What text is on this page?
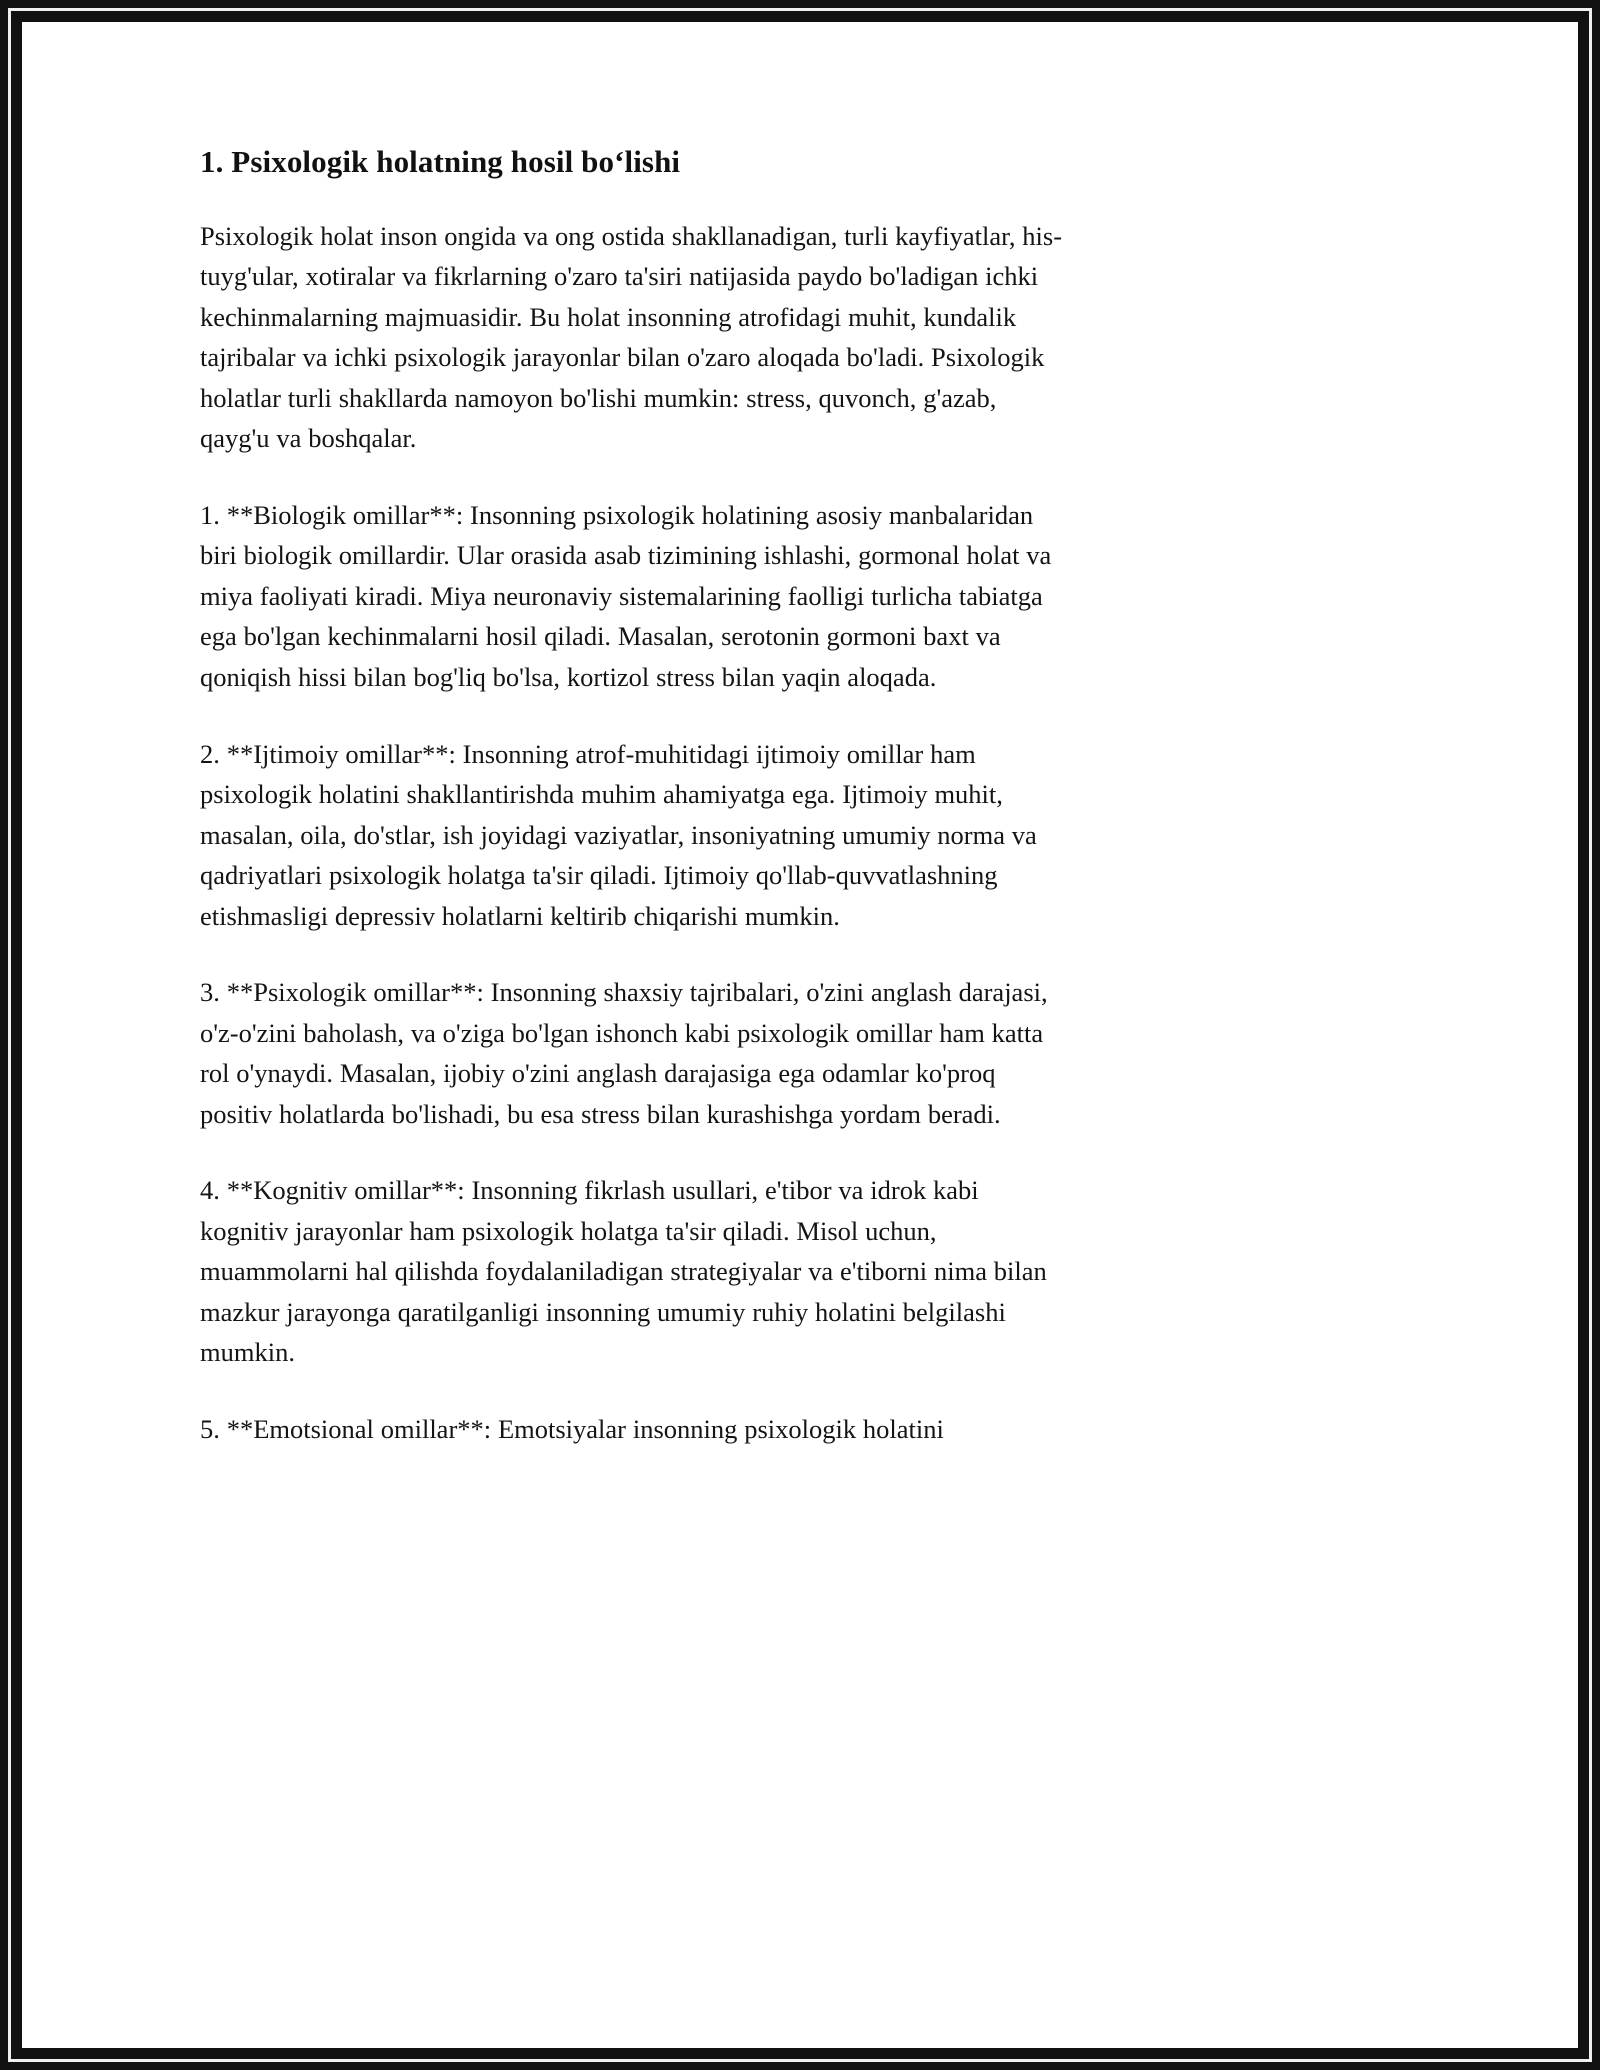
1. Psixologik holatning hosil bo‘lishi

Psixologik holat inson ongida va ong ostida shakllanadigan, turli kayfiyatlar, his-tuyg'ular, xotiralar va fikrlarning o'zaro ta'siri natijasida paydo bo'ladigan ichki kechinmalarning majmuasidir. Bu holat insonning atrofidagi muhit, kundalik tajribalar va ichki psixologik jarayonlar bilan o'zaro aloqada bo'ladi. Psixologik holatlar turli shakllarda namoyon bo'lishi mumkin: stress, quvonch, g'azab, qayg'u va boshqalar.

1. **Biologik omillar**: Insonning psixologik holatining asosiy manbalaridan biri biologik omillardir. Ular orasida asab tizimining ishlashi, gormonal holat va miya faoliyati kiradi. Miya neuronaviy sistemalarining faolligi turlicha tabiatga ega bo'lgan kechinmalarni hosil qiladi. Masalan, serotonin gormoni baxt va qoniqish hissi bilan bog'liq bo'lsa, kortizol stress bilan yaqin aloqada.

2. **Ijtimoiy omillar**: Insonning atrof-muhitidagi ijtimoiy omillar ham psixologik holatini shakllantirishda muhim ahamiyatga ega. Ijtimoiy muhit, masalan, oila, do'stlar, ish joyidagi vaziyatlar, insoniyatning umumiy norma va qadriyatlari psixologik holatga ta'sir qiladi. Ijtimoiy qo'llab-quvvatlashning etishmasligi depressiv holatlarni keltirib chiqarishi mumkin.

3. **Psixologik omillar**: Insonning shaxsiy tajribalari, o'zini anglash darajasi, o'z-o'zini baholash, va o'ziga bo'lgan ishonch kabi psixologik omillar ham katta rol o'ynaydi. Masalan, ijobiy o'zini anglash darajasiga ega odamlar ko'proq positiv holatlarda bo'lishadi, bu esa stress bilan kurashishga yordam beradi.

4. **Kognitiv omillar**: Insonning fikrlash usullari, e'tibor va idrok kabi kognitiv jarayonlar ham psixologik holatga ta'sir qiladi. Misol uchun, muammolarni hal qilishda foydalaniladigan strategiyalar va e'tiborni nima bilan mazkur jarayonga qaratilganligi insonning umumiy ruhiy holatini belgilashi mumkin.

5. **Emotsional omillar**: Emotsiyalar insonning psixologik holatini
